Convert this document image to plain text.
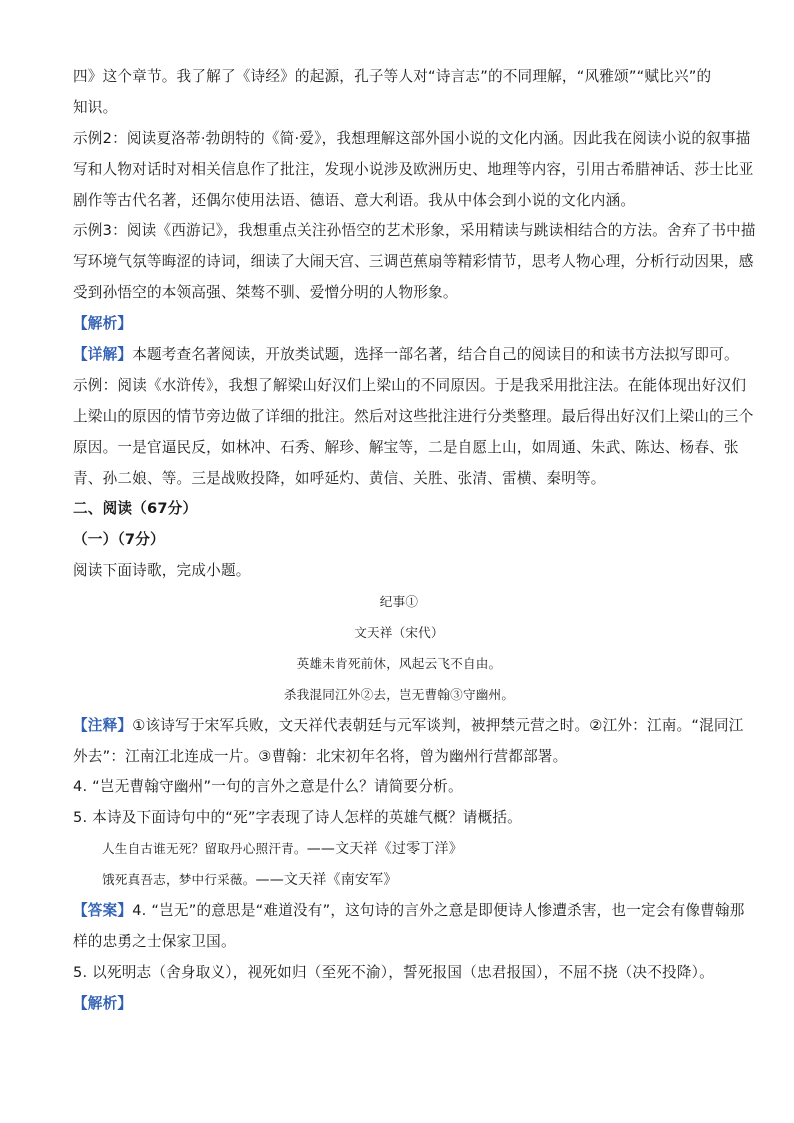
四》这个章节。我了解了《诗经》的起源，孔子等人对“诗言志”的不同理解，“风雅颂”“赋比兴”的
知识。
示例2：阅读夏洛蒂·勃朗特的《简·爱》，我想理解这部外国小说的文化内涵。因此我在阅读小说的叙事描
写和人物对话时对相关信息作了批注，发现小说涉及欧洲历史、地理等内容，引用古希腊神话、莎士比亚
剧作等古代名著，还偶尔使用法语、德语、意大利语。我从中体会到小说的文化内涵。
示例3：阅读《西游记》，我想重点关注孙悟空的艺术形象，采用精读与跳读相结合的方法。舍弃了书中描
写环境气氛等晦涩的诗词，细读了大闹天宫、三调芭蕉扇等精彩情节，思考人物心理，分析行动因果，感
受到孙悟空的本领高强、桀骜不驯、爱憎分明的人物形象。
【解析】
【详解】本题考查名著阅读，开放类试题，选择一部名著，结合自己的阅读目的和读书方法拟写即可。
示例：阅读《水浒传》，我想了解梁山好汉们上梁山的不同原因。于是我采用批注法。在能体现出好汉们
上梁山的原因的情节旁边做了详细的批注。然后对这些批注进行分类整理。最后得出好汉们上梁山的三个
原因。一是官逼民反，如林冲、石秀、解珍、解宝等，二是自愿上山，如周通、朱武、陈达、杨春、张
青、孙二娘、等。三是战败投降，如呼延灼、黄信、关胜、张清、雷横、秦明等。
二、阅读（67分）
（一）（7分）
阅读下面诗歌，完成小题。
纪事①
文天祥（宋代）
英雄未肯死前休，风起云飞不自由。
杀我混同江外②去，岂无曹翰③守幽州。
【注释】①该诗写于宋军兵败，文天祥代表朝廷与元军谈判，被押禁元营之时。②江外：江南。“混同江
外去”：江南江北连成一片。③曹翰：北宋初年名将，曾为幽州行营都部署。
4. “岂无曹翰守幽州”一句的言外之意是什么？请简要分析。
5. 本诗及下面诗句中的“死”字表现了诗人怎样的英雄气概？请概括。
人生自古谁无死？留取丹心照汗青。——文天祥《过零丁洋》
饿死真吾志，梦中行采薇。——文天祥《南安军》
【答案】4. “岂无”的意思是“难道没有”，这句诗的言外之意是即便诗人惨遭杀害，也一定会有像曹翰那
样的忠勇之士保家卫国。
5. 以死明志（舍身取义），视死如归（至死不渝），誓死报国（忠君报国），不屈不挠（决不投降）。
【解析】
